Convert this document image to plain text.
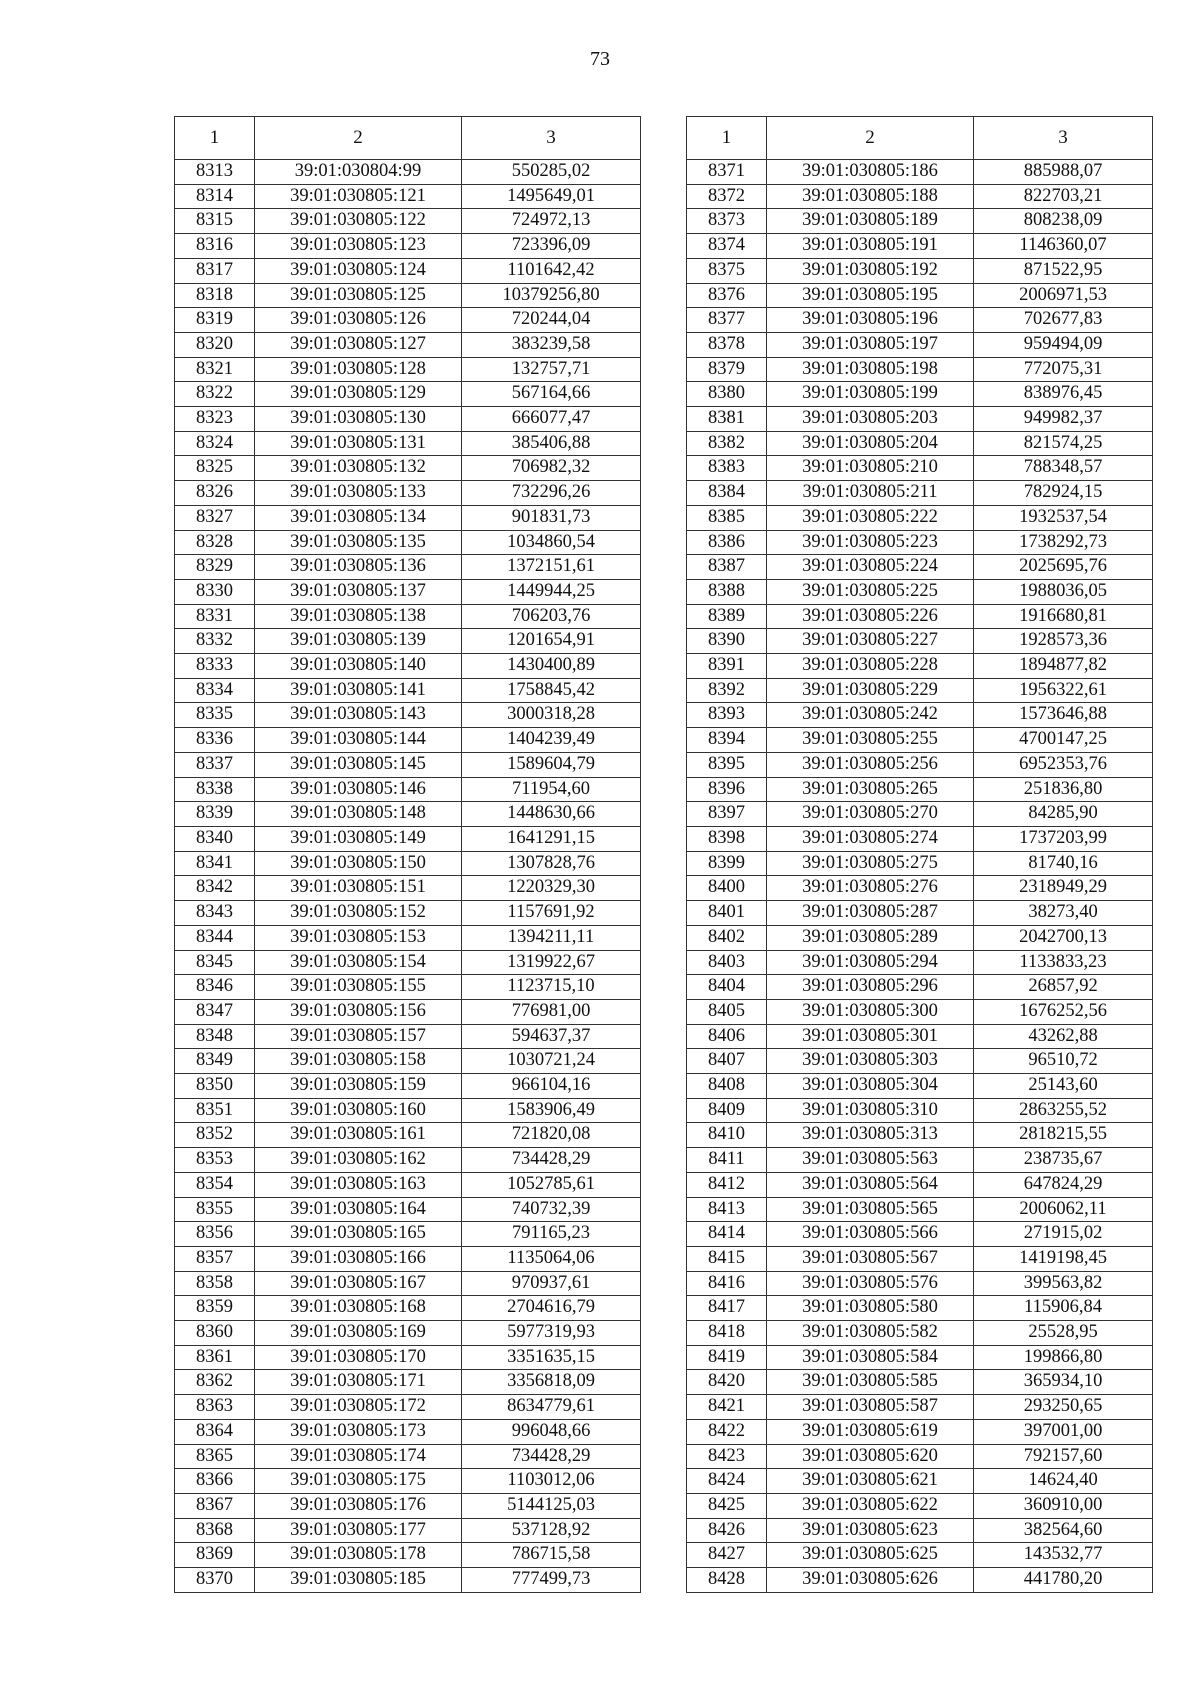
73
1	2	3
8313	39:01:030804:99	550285,02
8314	39:01:030805:121	1495649,01
8315	39:01:030805:122	724972,13
8316	39:01:030805:123	723396,09
8317	39:01:030805:124	1101642,42
8318	39:01:030805:125	10379256,80
8319	39:01:030805:126	720244,04
8320	39:01:030805:127	383239,58
8321	39:01:030805:128	132757,71
8322	39:01:030805:129	567164,66
8323	39:01:030805:130	666077,47
8324	39:01:030805:131	385406,88
8325	39:01:030805:132	706982,32
8326	39:01:030805:133	732296,26
8327	39:01:030805:134	901831,73
8328	39:01:030805:135	1034860,54
8329	39:01:030805:136	1372151,61
8330	39:01:030805:137	1449944,25
8331	39:01:030805:138	706203,76
8332	39:01:030805:139	1201654,91
8333	39:01:030805:140	1430400,89
8334	39:01:030805:141	1758845,42
8335	39:01:030805:143	3000318,28
8336	39:01:030805:144	1404239,49
8337	39:01:030805:145	1589604,79
8338	39:01:030805:146	711954,60
8339	39:01:030805:148	1448630,66
8340	39:01:030805:149	1641291,15
8341	39:01:030805:150	1307828,76
8342	39:01:030805:151	1220329,30
8343	39:01:030805:152	1157691,92
8344	39:01:030805:153	1394211,11
8345	39:01:030805:154	1319922,67
8346	39:01:030805:155	1123715,10
8347	39:01:030805:156	776981,00
8348	39:01:030805:157	594637,37
8349	39:01:030805:158	1030721,24
8350	39:01:030805:159	966104,16
8351	39:01:030805:160	1583906,49
8352	39:01:030805:161	721820,08
8353	39:01:030805:162	734428,29
8354	39:01:030805:163	1052785,61
8355	39:01:030805:164	740732,39
8356	39:01:030805:165	791165,23
8357	39:01:030805:166	1135064,06
8358	39:01:030805:167	970937,61
8359	39:01:030805:168	2704616,79
8360	39:01:030805:169	5977319,93
8361	39:01:030805:170	3351635,15
8362	39:01:030805:171	3356818,09
8363	39:01:030805:172	8634779,61
8364	39:01:030805:173	996048,66
8365	39:01:030805:174	734428,29
8366	39:01:030805:175	1103012,06
8367	39:01:030805:176	5144125,03
8368	39:01:030805:177	537128,92
8369	39:01:030805:178	786715,58
8370	39:01:030805:185	777499,73
1	2	3
8371	39:01:030805:186	885988,07
8372	39:01:030805:188	822703,21
8373	39:01:030805:189	808238,09
8374	39:01:030805:191	1146360,07
8375	39:01:030805:192	871522,95
8376	39:01:030805:195	2006971,53
8377	39:01:030805:196	702677,83
8378	39:01:030805:197	959494,09
8379	39:01:030805:198	772075,31
8380	39:01:030805:199	838976,45
8381	39:01:030805:203	949982,37
8382	39:01:030805:204	821574,25
8383	39:01:030805:210	788348,57
8384	39:01:030805:211	782924,15
8385	39:01:030805:222	1932537,54
8386	39:01:030805:223	1738292,73
8387	39:01:030805:224	2025695,76
8388	39:01:030805:225	1988036,05
8389	39:01:030805:226	1916680,81
8390	39:01:030805:227	1928573,36
8391	39:01:030805:228	1894877,82
8392	39:01:030805:229	1956322,61
8393	39:01:030805:242	1573646,88
8394	39:01:030805:255	4700147,25
8395	39:01:030805:256	6952353,76
8396	39:01:030805:265	251836,80
8397	39:01:030805:270	84285,90
8398	39:01:030805:274	1737203,99
8399	39:01:030805:275	81740,16
8400	39:01:030805:276	2318949,29
8401	39:01:030805:287	38273,40
8402	39:01:030805:289	2042700,13
8403	39:01:030805:294	1133833,23
8404	39:01:030805:296	26857,92
8405	39:01:030805:300	1676252,56
8406	39:01:030805:301	43262,88
8407	39:01:030805:303	96510,72
8408	39:01:030805:304	25143,60
8409	39:01:030805:310	2863255,52
8410	39:01:030805:313	2818215,55
8411	39:01:030805:563	238735,67
8412	39:01:030805:564	647824,29
8413	39:01:030805:565	2006062,11
8414	39:01:030805:566	271915,02
8415	39:01:030805:567	1419198,45
8416	39:01:030805:576	399563,82
8417	39:01:030805:580	115906,84
8418	39:01:030805:582	25528,95
8419	39:01:030805:584	199866,80
8420	39:01:030805:585	365934,10
8421	39:01:030805:587	293250,65
8422	39:01:030805:619	397001,00
8423	39:01:030805:620	792157,60
8424	39:01:030805:621	14624,40
8425	39:01:030805:622	360910,00
8426	39:01:030805:623	382564,60
8427	39:01:030805:625	143532,77
8428	39:01:030805:626	441780,20
